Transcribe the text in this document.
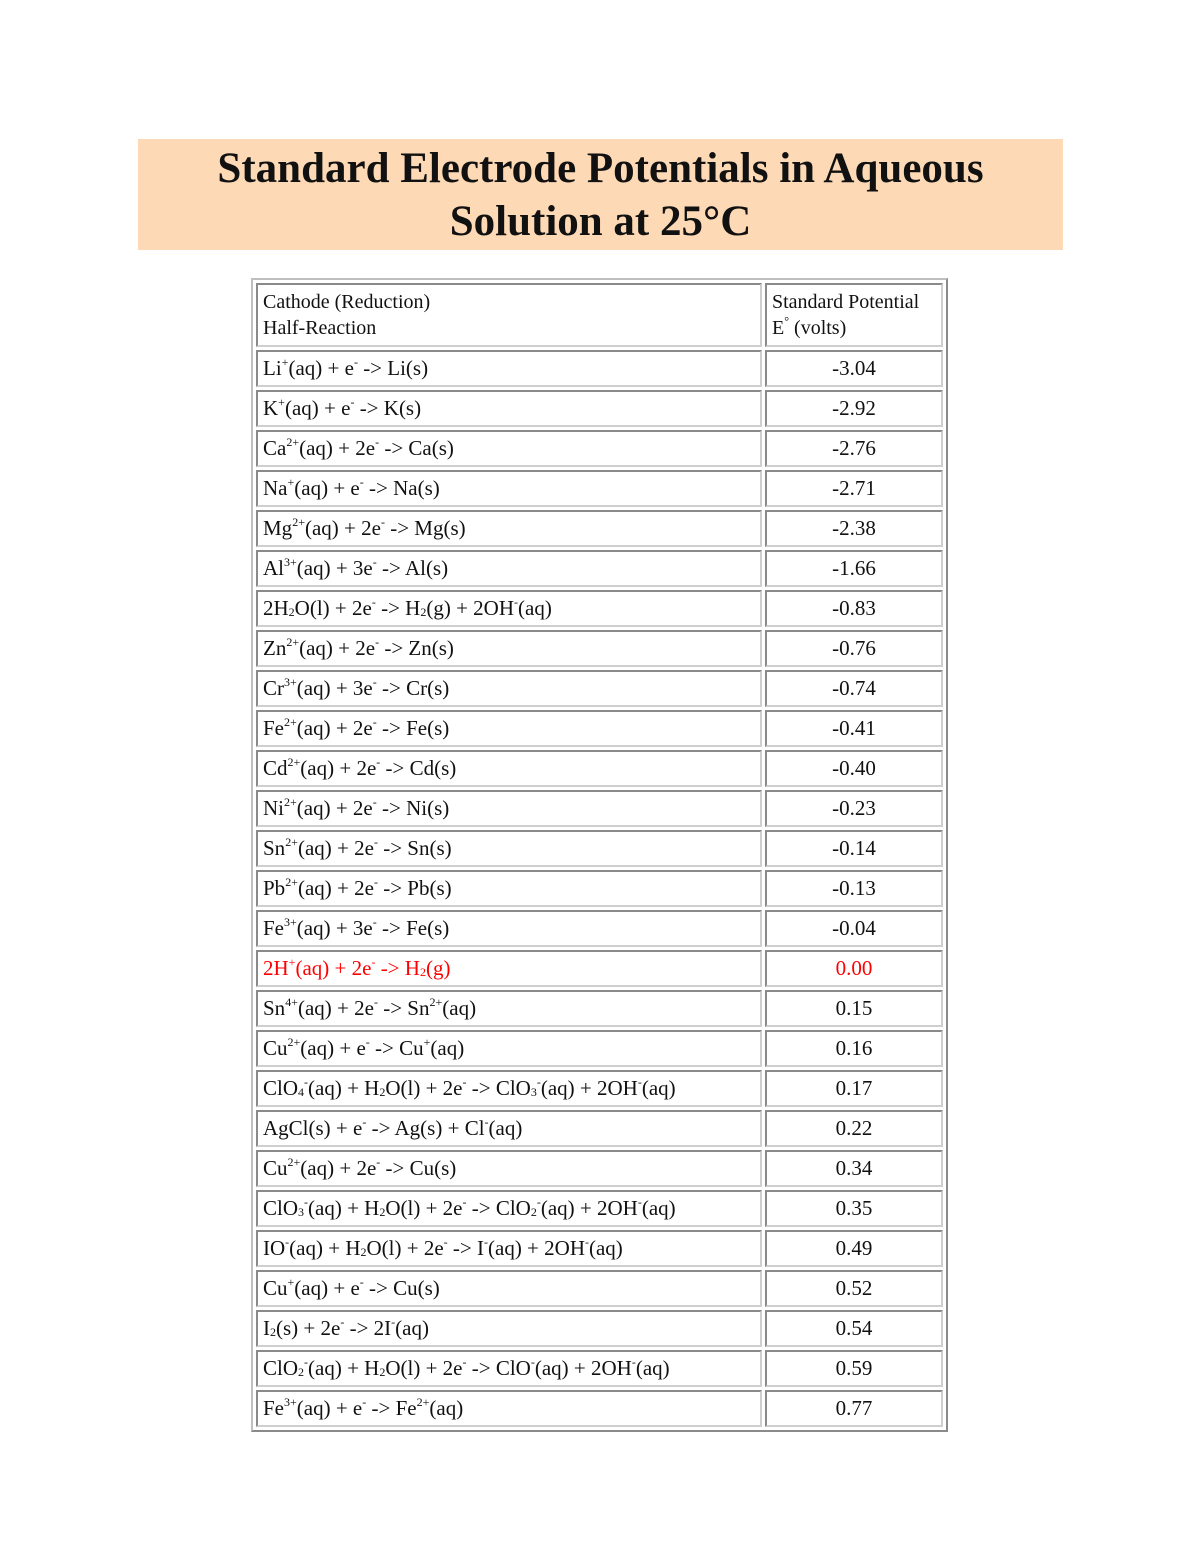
Standard Electrode Potentials in Aqueous
Solution at 25°C
Cathode (Reduction)
Half-Reaction	Standard Potential
E° (volts)
Li+(aq) + e- -> Li(s)	-3.04
K+(aq) + e- -> K(s)	-2.92
$Ca^{2+}(aq) + 2e^- -> Ca(s)$	-2.76
Na+(aq) + e- -> Na(s)	-2.71
$Mg^{2+}(aq) + 2e^- -> Mg(s)$	-2.38
$Al^{3+}(aq) + 3e^- -> Al(s)$	-1.66
$2H_2O(l) + 2e^- -> H_2(g) + 2OH^-(aq)$	-0.83
$Zn^{2+}(aq) + 2e^- -> Zn(s)$	-0.76
$Cr^{3+}(aq) + 3e^- -> Cr(s)$	-0.74
$Fe^{2+}(aq) + 2e^- -> Fe(s)$	-0.41
$Cd^{2+}(aq) + 2e^- -> Cd(s)$	-0.40
$Ni^{2+}(aq) + 2e^- -> Ni(s)$	-0.23
$Sn^{2+}(aq) + 2e^- -> Sn(s)$	-0.14
$Pb^{2+}(aq) + 2e^- -> Pb(s)$	-0.13
$Fe^{3+}(aq) + 3e^- -> Fe(s)$	-0.04
$2H^+(aq) + 2e^- -> H_2(g)$	0.00
$Sn^{4+}(aq) + 2e^- -> Sn^{2+}(aq)$	0.15
$Cu^{2+}(aq) + e^- -> Cu^+(aq)$	0.16
$ClO_4^-(aq) + H_2O(l) + 2e^- -> ClO_3^-(aq) + 2OH^-(aq)$	0.17
AgCl(s) + e- -> Ag(s) + Cl-(aq)	0.22
$Cu^{2+}(aq) + 2e^- -> Cu(s)$	0.34
$ClO_3^-(aq) + H_2O(l) + 2e^- -> ClO_2^-(aq) + 2OH^-(aq)$	0.35
$IO^-(aq) + H_2O(l) + 2e^- -> I^-(aq) + 2OH^-(aq)$	0.49
Cu+(aq) + e- -> Cu(s)	0.52
$I_2(s) + 2e^- -> 2I^-(aq)$	0.54
$ClO_2^-(aq) + H_2O(l) + 2e^- -> ClO^-(aq) + 2OH^-(aq)$	0.59
$Fe^{3+}(aq) + e^- -> Fe^{2+}(aq)$	0.77
